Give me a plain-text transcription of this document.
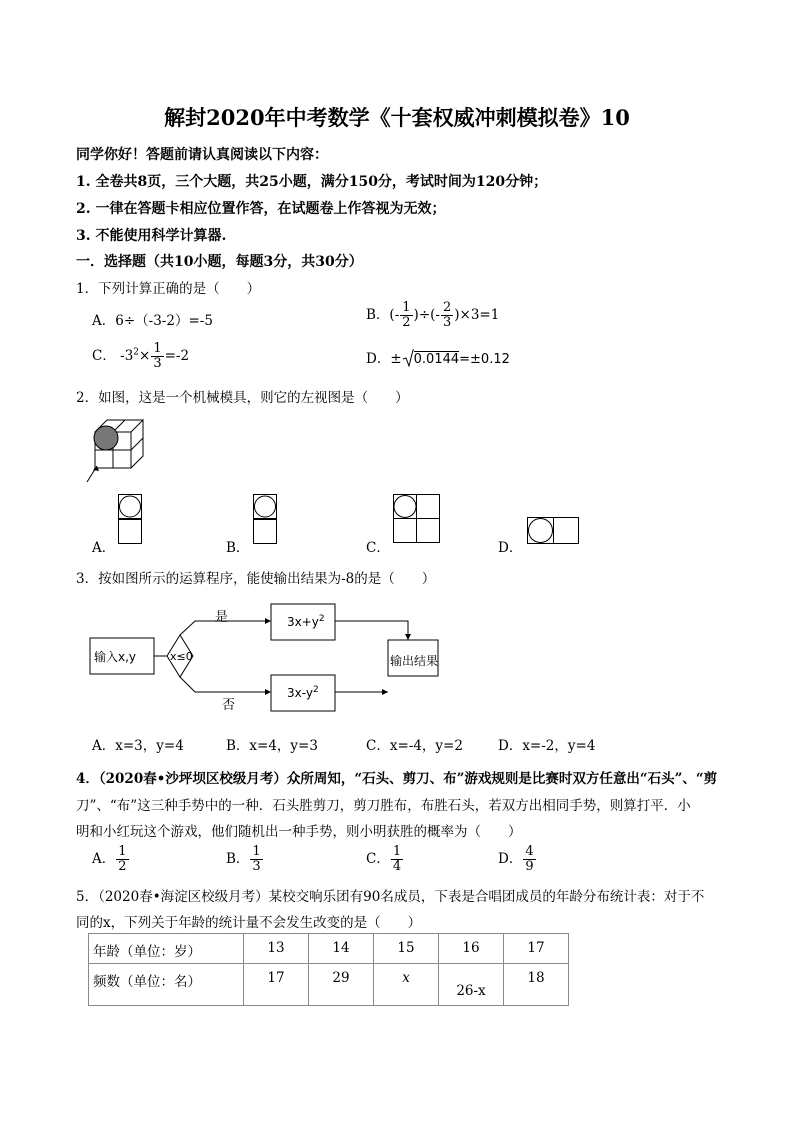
解封2020年中考数学《十套权威冲刺模拟卷》10
同学你好！答题前请认真阅读以下内容：
1. 全卷共8页，三个大题，共25小题，满分150分，考试时间为120分钟；
2. 一律在答题卡相应位置作答，在试题卷上作答视为无效；
3. 不能使用科学计算器.
一．选择题（共10小题，每题3分，共30分）
1．下列计算正确的是（　　）
A．6÷（-3-2）=-5	B．(- $\frac{1}{2}$ )÷(- $\frac{2}{3} )\times 3=1$
C． $-3^2\times \frac{1}{3} =-2$	D．± 0.0144=±0.12
2．如图，这是一个机械模具，则它的左视图是（　　）
A．	B．	C．	D．
3．按如图所示的运算程序，能使输出结果为-8的是（　　）
输入x,y	x≤0
是
否
$3x+y^2$
$3x-y^2$
输出结果
A．x=3，y=4	B．x=4，y=3	C．x=-4，y=2	D．x=-2，y=4
4．（2020春•沙坪坝区校级月考）众所周知，“石头、剪刀、布”游戏规则是比赛时双方任意出“石头”、“剪
刀”、“布”这三种手势中的一种．石头胜剪刀，剪刀胜布，布胜石头，若双方出相同手势，则算打平．小
明和小红玩这个游戏，他们随机出一种手势，则小明获胜的概率为（　　）
A． $\frac{1}{2}$	B． $\frac{1}{3}$	C． $\frac{1}{4}$	D． $\frac{4}{9}$
5．（2020春•海淀区校级月考）某校交响乐团有90名成员，下表是合唱团成员的年龄分布统计表：对于不
同的x，下列关于年龄的统计量不会发生改变的是（　　）
年龄（单位：岁）	13	14	15	16	17
频数（单位：名）	17	29	x	26-x	18
